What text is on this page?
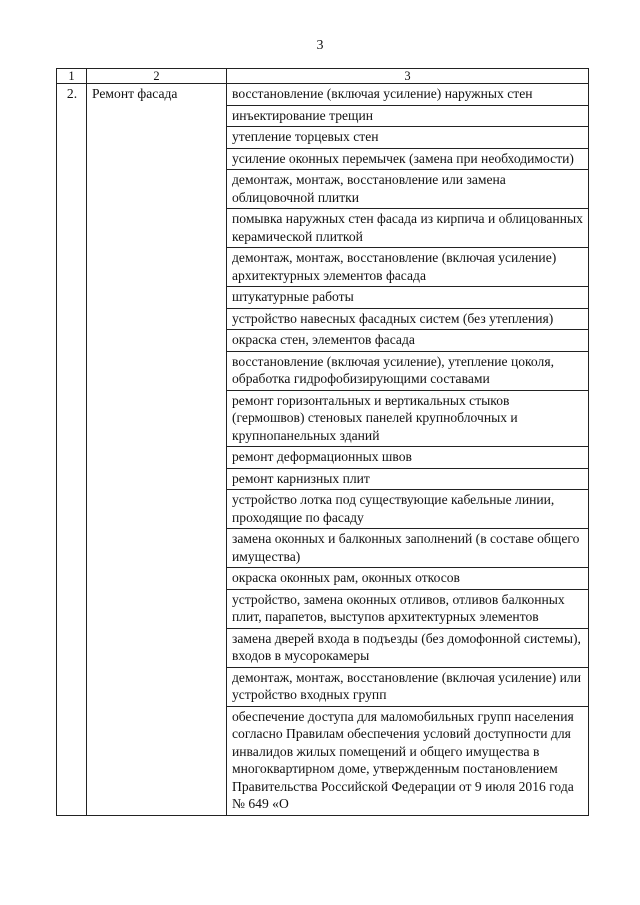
3
1	2	3
2.	Ремонт фасада	восстановление (включая усиление) наружных стен
		инъектирование трещин
		утепление торцевых стен
		усиление оконных перемычек (замена при необходимости)
		демонтаж, монтаж, восстановление или замена облицовочной плитки
		помывка наружных стен фасада из кирпича и облицованных керамической плиткой
		демонтаж, монтаж, восстановление (включая усиление) архитектурных элементов фасада
		штукатурные работы
		устройство навесных фасадных систем (без утепления)
		окраска стен, элементов фасада
		восстановление (включая усиление), утепление цоколя, обработка гидрофобизирующими составами
		ремонт горизонтальных и вертикальных стыков (гермошвов) стеновых панелей крупноблочных и крупнопанельных зданий
		ремонт деформационных швов
		ремонт карнизных плит
		устройство лотка под существующие кабельные линии, проходящие по фасаду
		замена оконных и балконных заполнений (в составе общего имущества)
		окраска оконных рам, оконных откосов
		устройство, замена оконных отливов, отливов балконных плит, парапетов, выступов архитектурных элементов
		замена дверей входа в подъезды (без домофонной системы), входов в мусорокамеры
		демонтаж, монтаж, восстановление (включая усиление) или устройство входных групп
		обеспечение доступа для маломобильных групп населения согласно Правилам обеспечения условий доступности для инвалидов жилых помещений и общего имущества в многоквартирном доме, утвержденным постановлением Правительства Российской Федерации от 9 июля 2016 года № 649 «О
